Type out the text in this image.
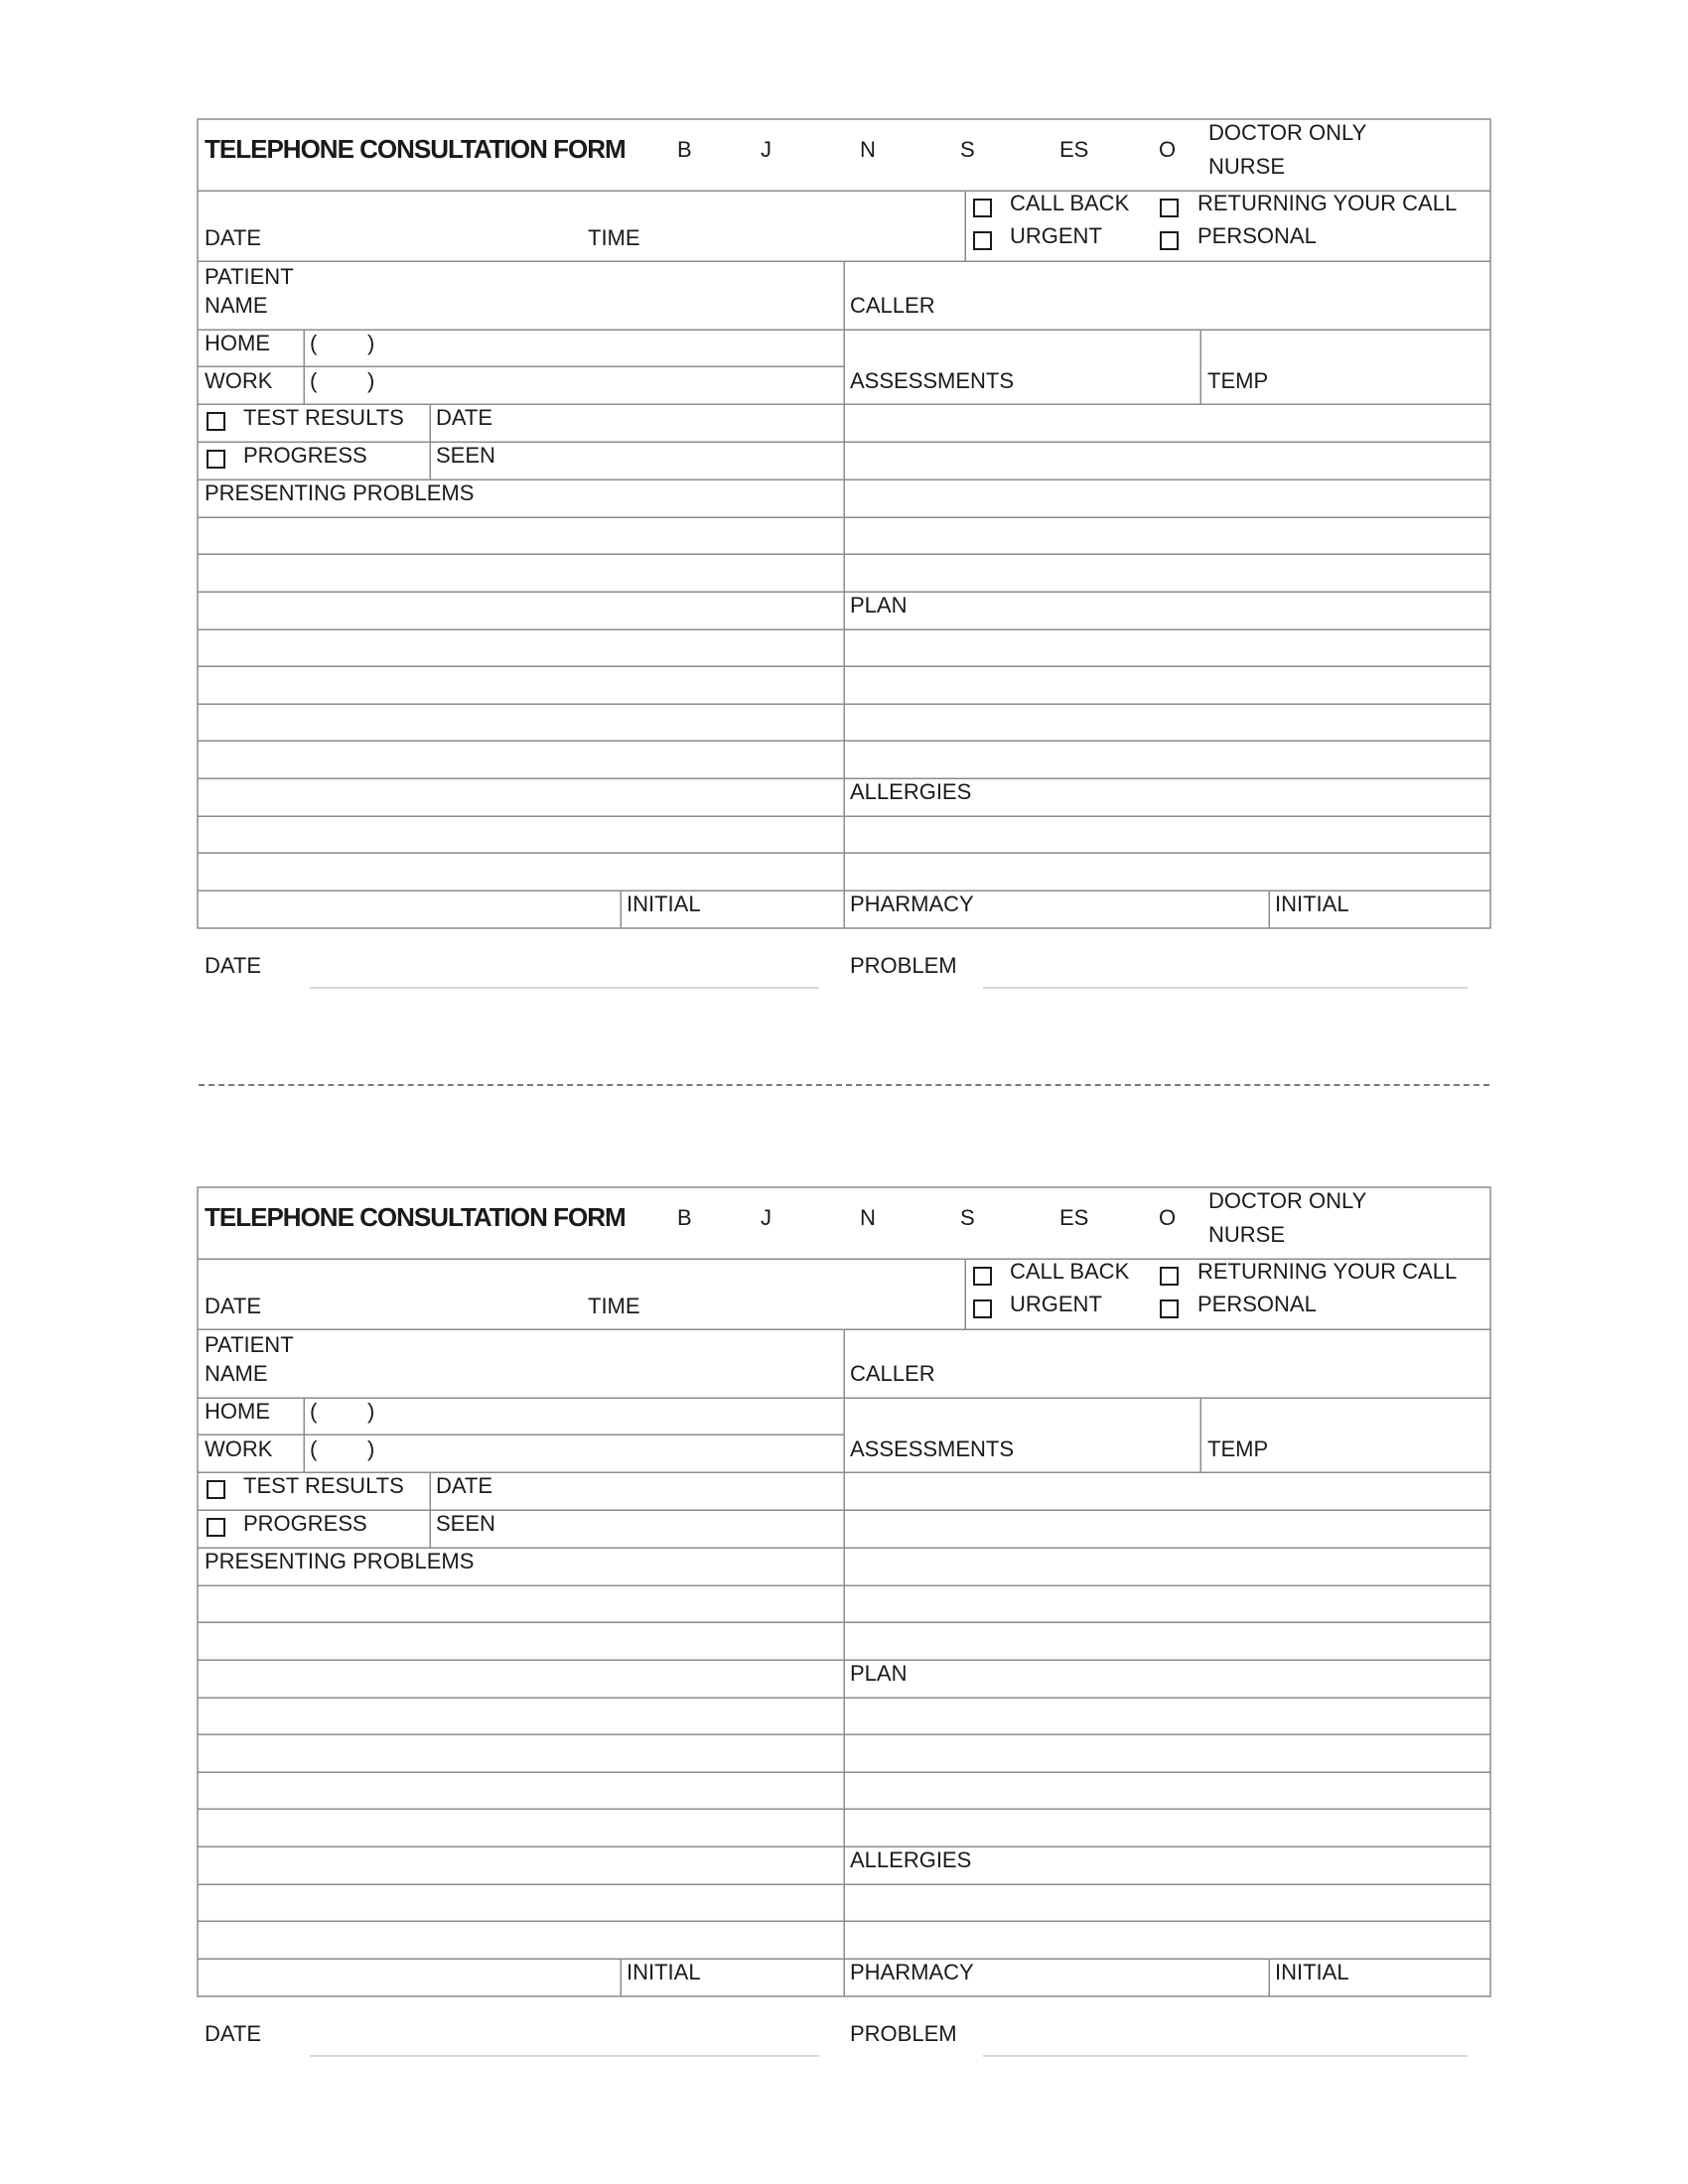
TELEPHONE CONSULTATION FORM B	J	N	S	ES	O
DOCTOR ONLY
NURSE
CALL BACK
URGENT
RETURNING YOUR CALL
PERSONAL
DATE	TIME
PATIENT
NAME	CALLER
HOME ( )
WORK ( )	ASSESSMENTS	TEMP
TEST RESULTS DATE
PROGRESS	SEEN
PRESENTING PROBLEMS
PLAN
ALLERGIES
INITIAL	PHARMACY	INITIAL
DATE	PROBLEM
TELEPHONE CONSULTATION FORM B	J	N	S	ES	O
DOCTOR ONLY
NURSE
CALL BACK
URGENT
RETURNING YOUR CALL
PERSONAL
DATE	TIME
PATIENT
NAME	CALLER
HOME ( )
WORK ( )	ASSESSMENTS	TEMP
TEST RESULTS DATE
PROGRESS	SEEN
PRESENTING PROBLEMS
PLAN
ALLERGIES
INITIAL	PHARMACY	INITIAL
DATE	PROBLEM
